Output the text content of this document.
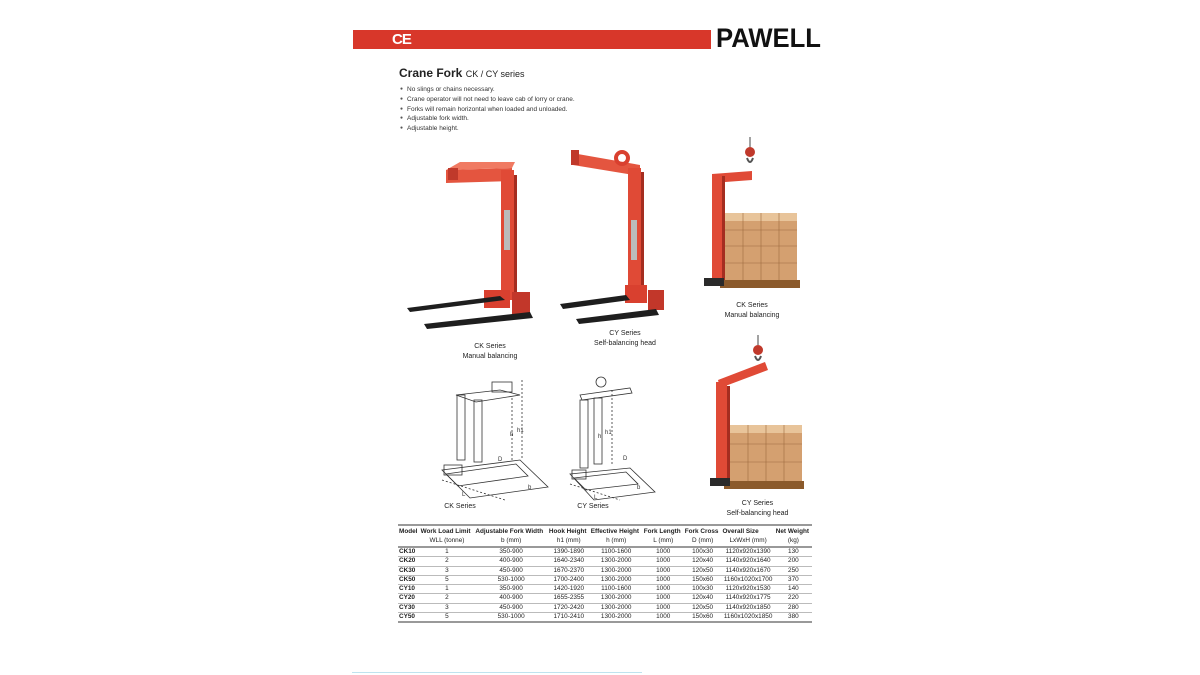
CE	PAWELL
Crane Fork CK / CY series
● No slings or chains necessary.
● Crane operator will not need to leave cab of lorry or crane.
● Forks will remain horizontal when loaded and unloaded.
● Adjustable fork width.
● Adjustable height.
h
h1
D
L
b
h
h1
D
L
b
CK Series
Manual balancing
CY Series
Self-balancing head
CK Series
Manual balancing
CK Series	CY Series	CY Series
Self-balancing head
Model	Work Load Limit	Adjustable Fork Width	Hook Height	Effective Height	Fork Length	Fork Cross	Overall Size	Net Weight
	WLL (tonne)	b (mm)	h1 (mm)	h (mm)	L (mm)	D (mm)	LxWxH (mm)	(kg)
CK10	1	350-900	1390-1890	1100-1600	1000	100x30	1120x920x1390	130
CK20	2	400-900	1640-2340	1300-2000	1000	120x40	1140x920x1640	200
CK30	3	450-900	1670-2370	1300-2000	1000	120x50	1140x920x1670	250
CK50	5	530-1000	1700-2400	1300-2000	1000	150x60	1160x1020x1700	370
CY10	1	350-900	1420-1920	1100-1600	1000	100x30	1120x920x1530	140
CY20	2	400-900	1655-2355	1300-2000	1000	120x40	1140x920x1775	220
CY30	3	450-900	1720-2420	1300-2000	1000	120x50	1140x920x1850	280
CY50	5	530-1000	1710-2410	1300-2000	1000	150x60	1160x1020x1850	380
